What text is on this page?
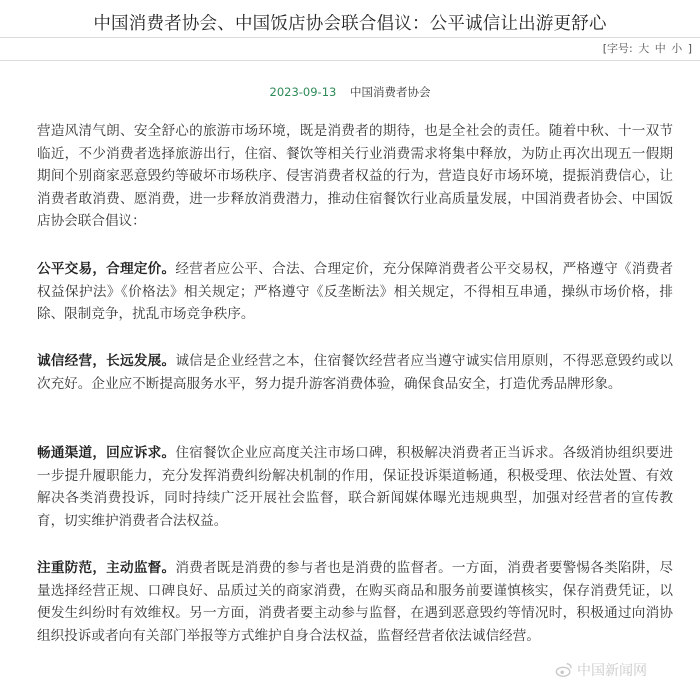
中国消费者协会、中国饭店协会联合倡议：公平诚信让出游更舒心
[字号: 大 中 小 ]
2023-09-13 中国消费者协会

营造风清气朗、安全舒心的旅游市场环境，既是消费者的期待，也是全社会的责任。随着中秋、十一双节临近，不少消费者选择旅游出行，住宿、餐饮等相关行业消费需求将集中释放，为防止再次出现五一假期期间个别商家恶意毁约等破坏市场秩序、侵害消费者权益的行为，营造良好市场环境，提振消费信心，让消费者敢消费、愿消费，进一步释放消费潜力，推动住宿餐饮行业高质量发展，中国消费者协会、中国饭店协会联合倡议：

公平交易，合理定价。经营者应公平、合法、合理定价，充分保障消费者公平交易权，严格遵守《消费者权益保护法》《价格法》相关规定；严格遵守《反垄断法》相关规定，不得相互串通，操纵市场价格，排除、限制竞争，扰乱市场竞争秩序。

诚信经营，长远发展。诚信是企业经营之本，住宿餐饮经营者应当遵守诚实信用原则，不得恶意毁约或以次充好。企业应不断提高服务水平，努力提升游客消费体验，确保食品安全，打造优秀品牌形象。

畅通渠道，回应诉求。住宿餐饮企业应高度关注市场口碑，积极解决消费者正当诉求。各级消协组织要进一步提升履职能力，充分发挥消费纠纷解决机制的作用，保证投诉渠道畅通，积极受理、依法处置、有效解决各类消费投诉，同时持续广泛开展社会监督，联合新闻媒体曝光违规典型，加强对经营者的宣传教育，切实维护消费者合法权益。

注重防范，主动监督。消费者既是消费的参与者也是消费的监督者。一方面，消费者要警惕各类陷阱，尽量选择经营正规、口碑良好、品质过关的商家消费，在购买商品和服务前要谨慎核实，保存消费凭证，以便发生纠纷时有效维权。另一方面，消费者要主动参与监督，在遇到恶意毁约等情况时，积极通过向消协组织投诉或者向有关部门举报等方式维护自身合法权益，监督经营者依法诚信经营。

中国新闻网
